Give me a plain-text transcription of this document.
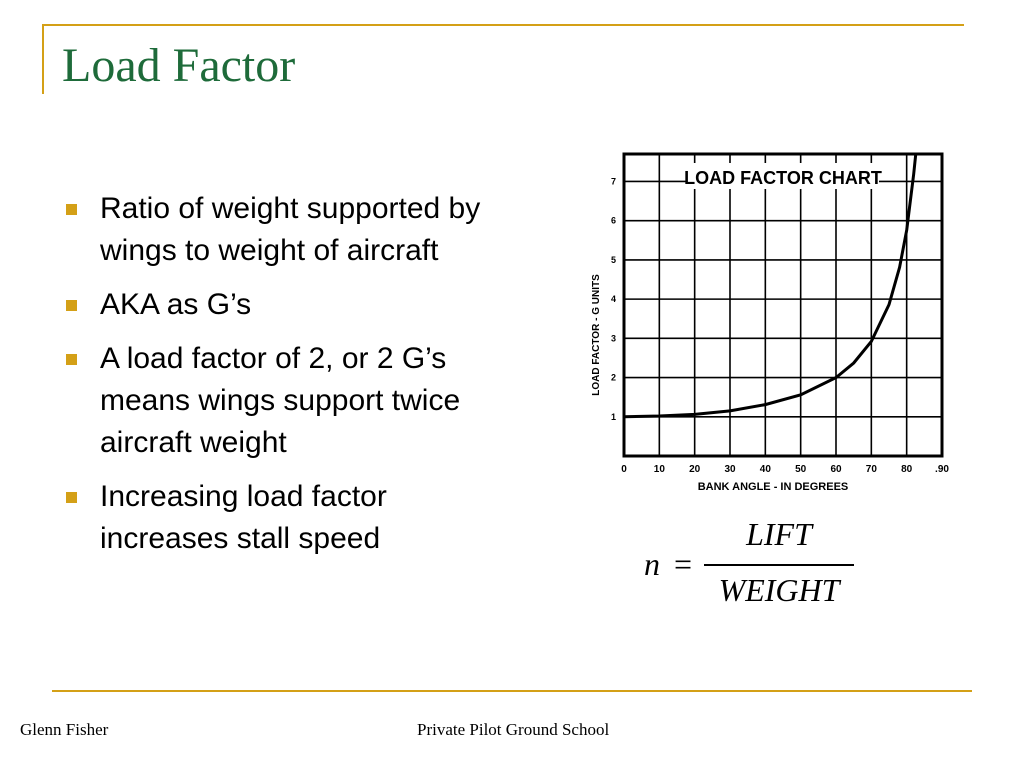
Load Factor
Ratio of weight supported by wings to weight of aircraft
AKA as G’s
A load factor of 2, or 2 G’s means wings support twice aircraft weight
Increasing load factor increases stall speed
LOAD FACTOR CHART
0	10 20 30 40 50 60 70 80 .90
1
2
3
4
5
6
7
BANK ANGLE - IN DEGREES
LOAD FACTOR - G UNITS
n =
LIFT
WEIGHT
Glenn Fisher	Private Pilot Ground School
